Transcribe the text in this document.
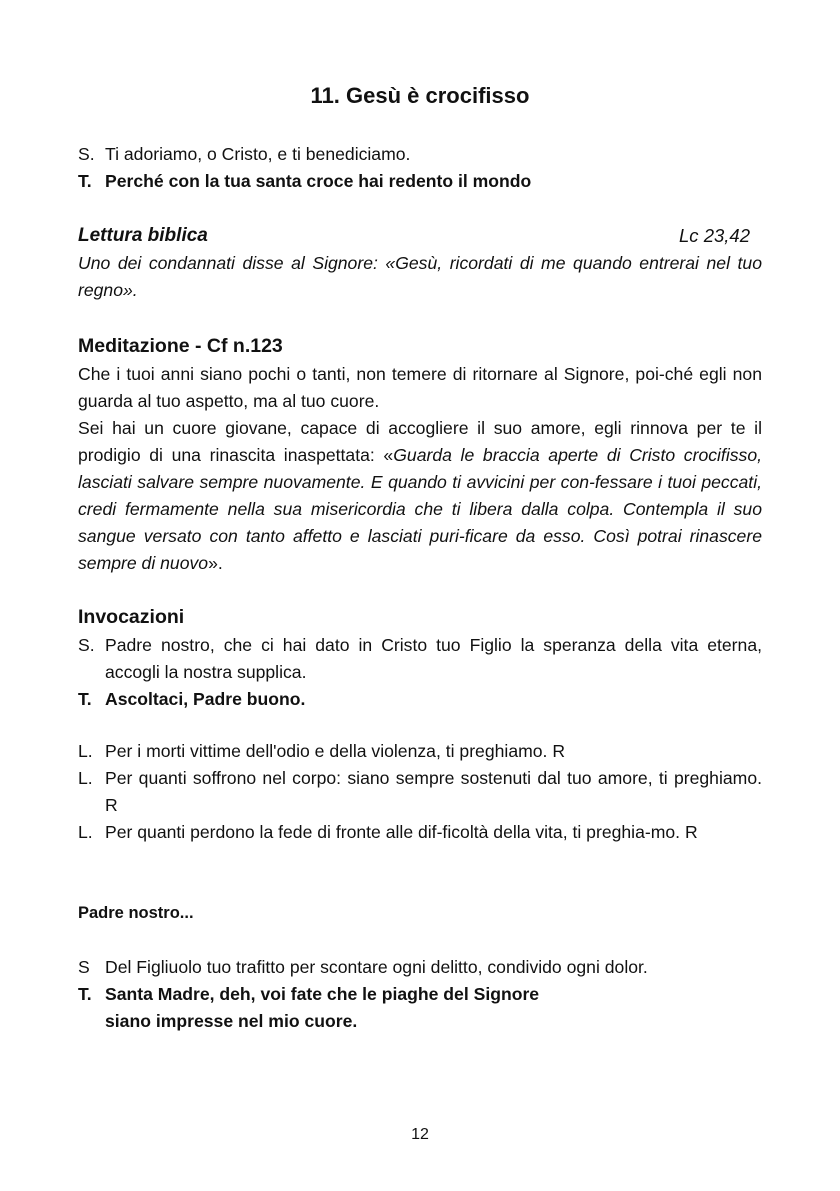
11. Gesù è crocifisso
S. Ti adoriamo, o Cristo, e ti benediciamo.
T. Perché con la tua santa croce hai redento il mondo
Lettura biblica	Lc 23,42
Uno dei condannati disse al Signore: «Gesù, ricordati di me quando entrerai nel tuo regno».
Meditazione - Cf n.123
Che i tuoi anni siano pochi o tanti, non temere di ritornare al Signore, poi-ché egli non guarda al tuo aspetto, ma al tuo cuore.
Sei hai un cuore giovane, capace di accogliere il suo amore, egli rinnova per te il prodigio di una rinascita inaspettata: «Guarda le braccia aperte di Cristo crocifisso, lasciati salvare sempre nuovamente. E quando ti avvicini per con-fessare i tuoi peccati, credi fermamente nella sua misericordia che ti libera dalla colpa. Contempla il suo sangue versato con tanto affetto e lasciati puri-ficare da esso. Così potrai rinascere sempre di nuovo».
Invocazioni
S. Padre nostro, che ci hai dato in Cristo tuo Figlio la speranza della vita eterna, accogli la nostra supplica.
T. Ascoltaci, Padre buono.
L. Per i morti vittime dell'odio e della violenza, ti preghiamo. R
L. Per quanti soffrono nel corpo: siano sempre sostenuti dal tuo amore, ti preghiamo. R
L. Per quanti perdono la fede di fronte alle dif-ficoltà della vita, ti preghia-mo. R
Padre nostro...
S Del Figliuolo tuo trafitto per scontare ogni delitto, condivido ogni dolor.
T. Santa Madre, deh, voi fate che le piaghe del Signore
siano impresse nel mio cuore.
12
